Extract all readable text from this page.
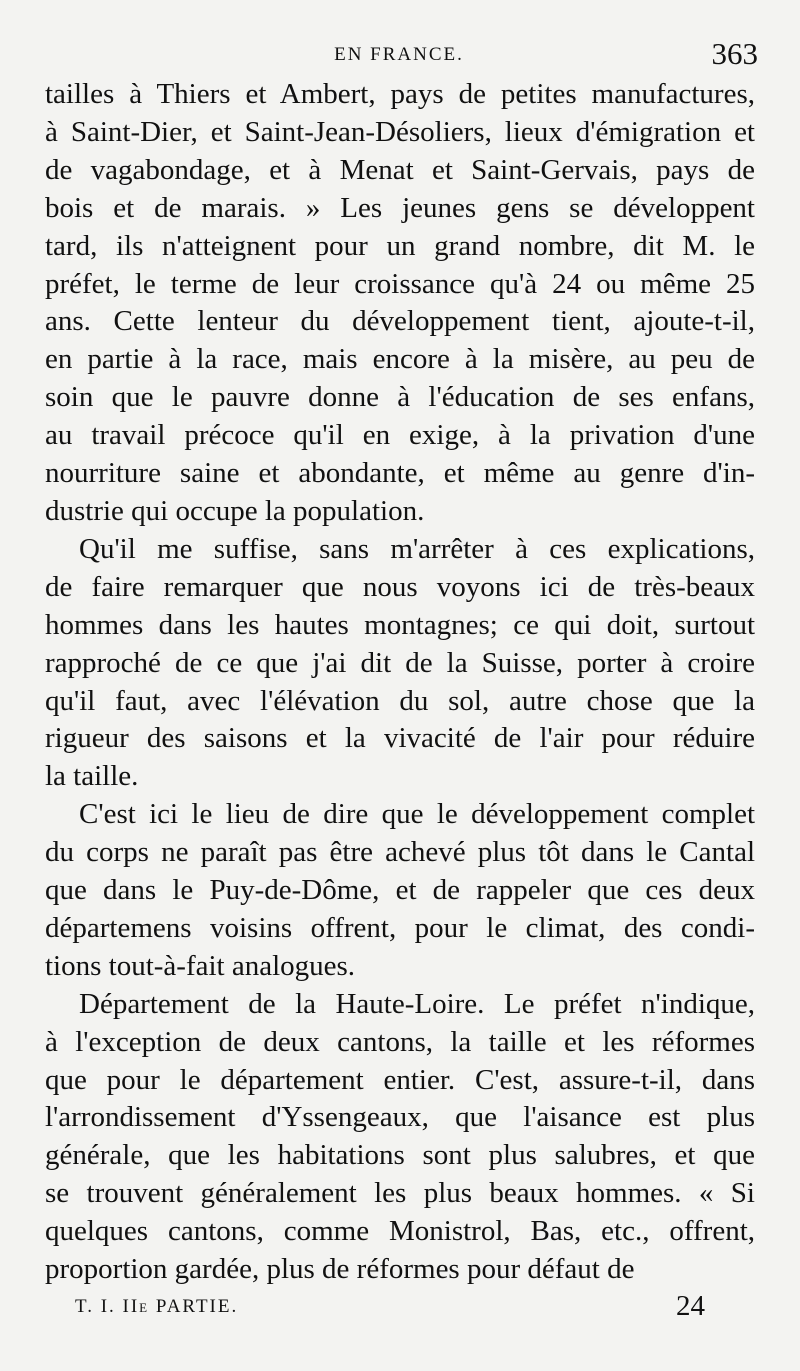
EN FRANCE.	363

tailles à Thiers et Ambert, pays de petites manufactures,
à Saint-Dier, et Saint-Jean-Désoliers, lieux d'émigration et
de vagabondage, et à Menat et Saint-Gervais, pays de
bois et de marais. » Les jeunes gens se développent
tard, ils n'atteignent pour un grand nombre, dit M. le
préfet, le terme de leur croissance qu'à 24 ou même 25
ans. Cette lenteur du développement tient, ajoute-t-il,
en partie à la race, mais encore à la misère, au peu de
soin que le pauvre donne à l'éducation de ses enfans,
au travail précoce qu'il en exige, à la privation d'une
nourriture saine et abondante, et même au genre d'in-
dustrie qui occupe la population.

Qu'il me suffise, sans m'arrêter à ces explications,
de faire remarquer que nous voyons ici de très-beaux
hommes dans les hautes montagnes; ce qui doit, surtout
rapproché de ce que j'ai dit de la Suisse, porter à croire
qu'il faut, avec l'élévation du sol, autre chose que la
rigueur des saisons et la vivacité de l'air pour réduire
la taille.

C'est ici le lieu de dire que le développement complet
du corps ne paraît pas être achevé plus tôt dans le Cantal
que dans le Puy-de-Dôme, et de rappeler que ces deux
départemens voisins offrent, pour le climat, des condi-
tions tout-à-fait analogues.

Département de la Haute-Loire. Le préfet n'indique,
à l'exception de deux cantons, la taille et les réformes
que pour le département entier. C'est, assure-t-il, dans
l'arrondissement d'Yssengeaux, que l'aisance est plus
générale, que les habitations sont plus salubres, et que
se trouvent généralement les plus beaux hommes. « Si
quelques cantons, comme Monistrol, Bas, etc., offrent,
proportion gardée, plus de réformes pour défaut de

T. I. IIe PARTIE.	24
